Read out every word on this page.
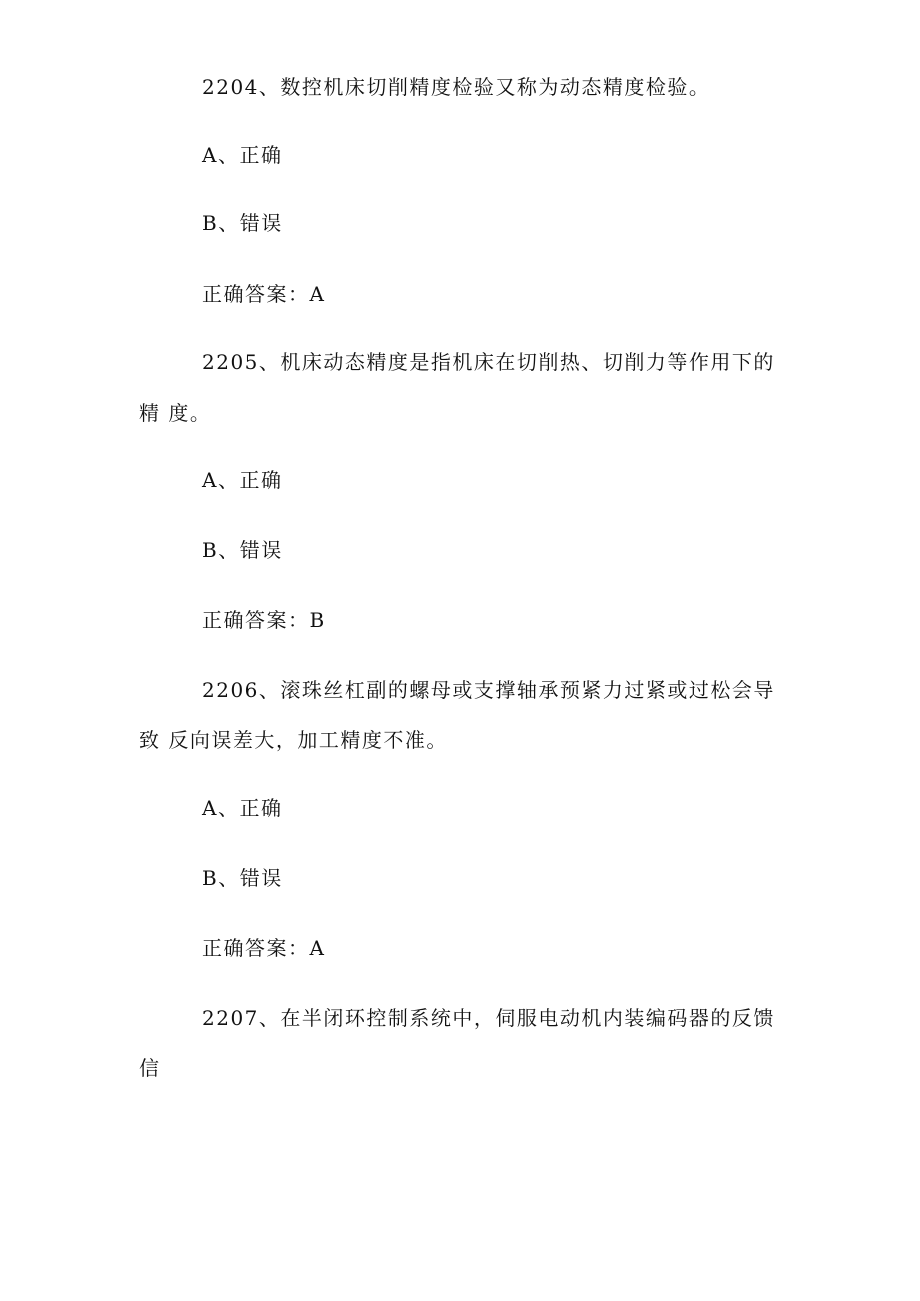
2204、数控机床切削精度检验又称为动态精度检验。
A、正确
B、错误
正确答案：A
2205、机床动态精度是指机床在切削热、切削力等作用下的
精 度。
A、正确
B、错误
正确答案：B
2206、滚珠丝杠副的螺母或支撑轴承预紧力过紧或过松会导
致 反向误差大，加工精度不准。
A、正确
B、错误
正确答案：A
2207、在半闭环控制系统中，伺服电动机内装编码器的反馈
信
